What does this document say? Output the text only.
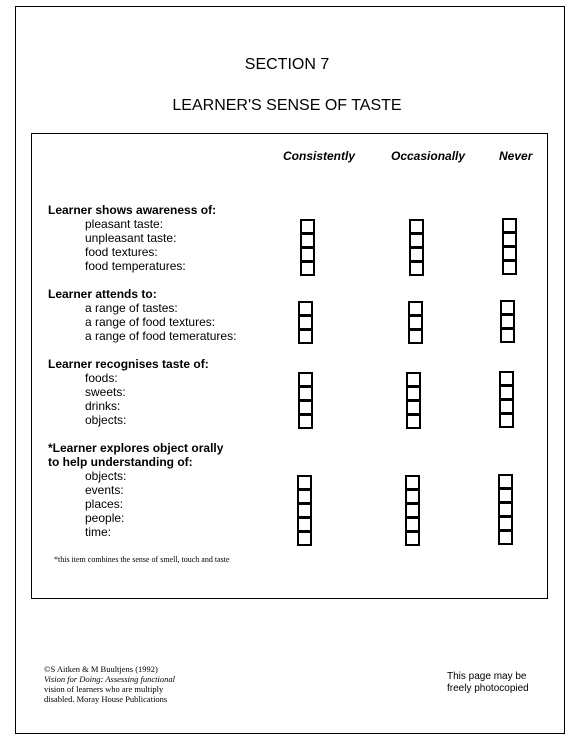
SECTION 7
LEARNER'S SENSE OF TASTE
Consistently	Occasionally	Never
Learner shows awareness of:
pleasant taste:
unpleasant taste:
food textures:
food temperatures:
Learner attends to:
a range of tastes:
a range of food textures:
a range of food temeratures:
Learner recognises taste of:
foods:
sweets:
drinks:
objects:
*Learner explores object orally
to help understanding of:
objects:
events:
places:
people:
time:
*this item combines the sense of smell, touch and taste
©S Aitken & M Buultjens (1992)
Vision for Doing: Assessing functional
vision of learners who are multiply
disabled. Moray House Publications
This page may be
freely photocopied
